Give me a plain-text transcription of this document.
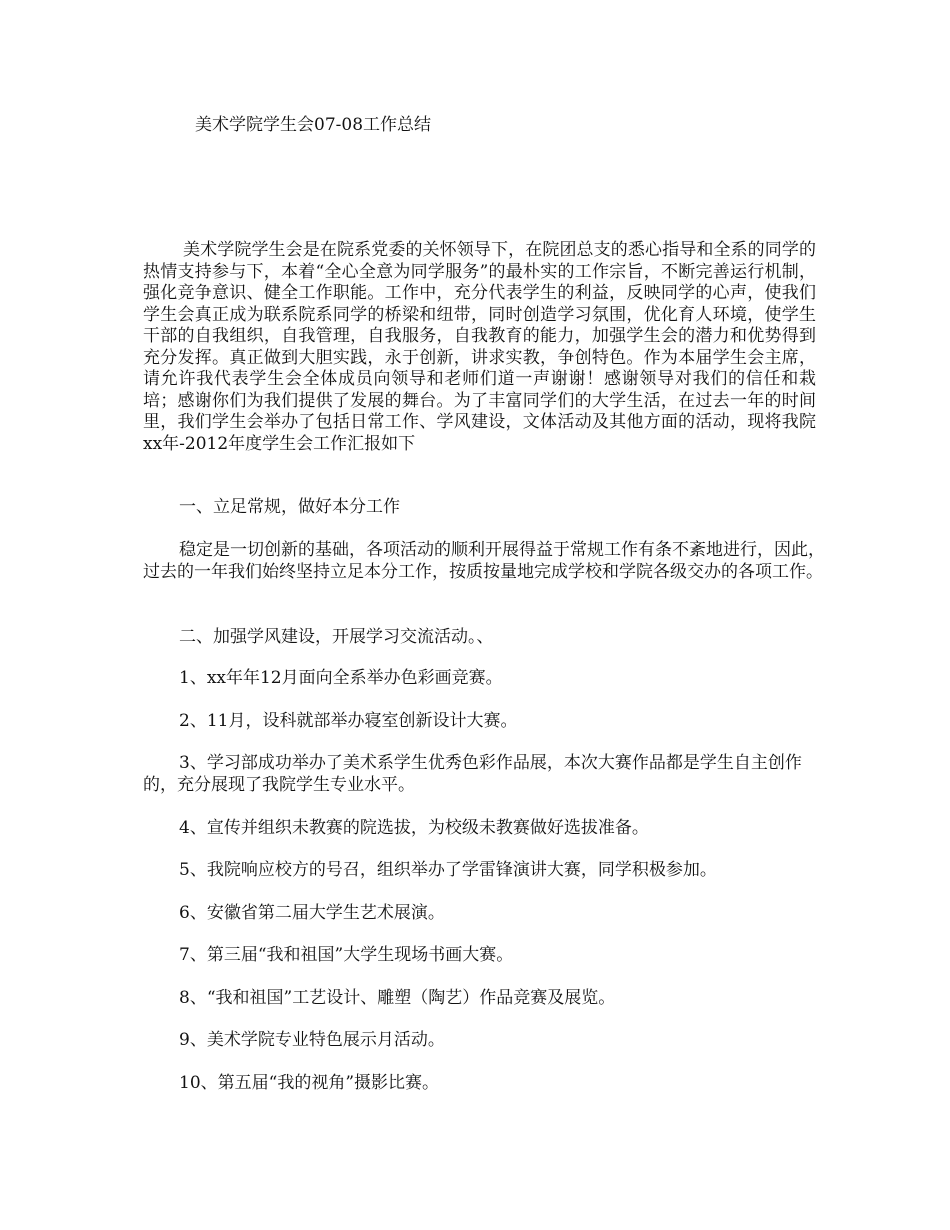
美术学院学生会07-08工作总结

美术学院学生会是在院系党委的关怀领导下，在院团总支的悉心指导和全系的同学的热情支持参与下，本着“全心全意为同学服务”的最朴实的工作宗旨，不断完善运行机制，强化竞争意识、健全工作职能。工作中，充分代表学生的利益，反映同学的心声，使我们学生会真正成为联系院系同学的桥梁和纽带，同时创造学习氛围，优化育人环境，使学生干部的自我组织，自我管理，自我服务，自我教育的能力，加强学生会的潜力和优势得到充分发挥。真正做到大胆实践，永于创新，讲求实教，争创特色。作为本届学生会主席，请允许我代表学生会全体成员向领导和老师们道一声谢谢！感谢领导对我们的信任和栽培；感谢你们为我们提供了发展的舞台。为了丰富同学们的大学生活，在过去一年的时间里，我们学生会举办了包括日常工作、学风建设，文体活动及其他方面的活动，现将我院xx年-2012年度学生会工作汇报如下

一、立足常规，做好本分工作

稳定是一切创新的基础，各项活动的顺利开展得益于常规工作有条不紊地进行，因此，过去的一年我们始终坚持立足本分工作，按质按量地完成学校和学院各级交办的各项工作。

二、加强学风建设，开展学习交流活动。、

1、xx年年12月面向全系举办色彩画竞赛。

2、11月，设科就部举办寝室创新设计大赛。

3、学习部成功举办了美术系学生优秀色彩作品展，本次大赛作品都是学生自主创作的，充分展现了我院学生专业水平。

4、宣传并组织未教赛的院选拔，为校级未教赛做好选拔准备。

5、我院响应校方的号召，组织举办了学雷锋演讲大赛，同学积极参加。

6、安徽省第二届大学生艺术展演。

7、第三届“我和祖国”大学生现场书画大赛。

8、“我和祖国”工艺设计、雕塑（陶艺）作品竞赛及展览。

9、美术学院专业特色展示月活动。

10、第五届“我的视角”摄影比赛。
